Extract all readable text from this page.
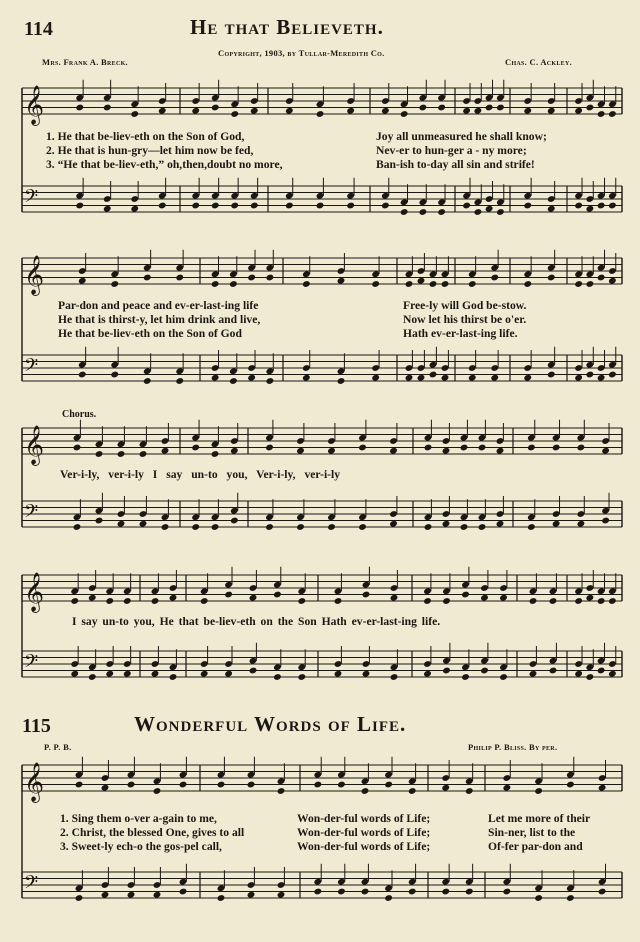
114	He that Believeth.
Copyright, 1903, by Tullar-Meredith Co.
Mrs. Frank A. Breck.	Chas. C. Ackley.
1. He that be-liev-eth on the Son of God,
2. He that is hun-gry—let him now be fed,
3. “He that be-liev-eth,” oh,then,doubt no more,
Joy all unmeasured he shall know;
Nev-er to hun-ger a - ny more;
Ban-ish to-day all sin and strife!
Par-don and peace and ev-er-last-ing life
He that is thirst-y, let him drink and live,
He that be-liev-eth on the Son of God
Free-ly will God be-stow.
Now let his thirst be o'er.
Hath ev-er-last-ing life.
Chorus.
Ver-i-ly, ver-i-ly I say un-to you, Ver-i-ly, ver-i-ly
I say un-to you, He that be-liev-eth on the Son Hath ev-er-last-ing life.
115	Wonderful Words of Life.
P. P. B.	Philip P. Bliss. By per.
1. Sing them o-ver a-gain to me,
2. Christ, the blessed One, gives to all
3. Sweet-ly ech-o the gos-pel call,
Won-der-ful words of Life;
Won-der-ful words of Life;
Won-der-ful words of Life;
Let me more of their
Sin-ner, list to the
Of-fer par-don and
𝄞
𝄢
𝄞
𝄢
𝄞
𝄢
𝄞
𝄢
𝄞
𝄢
